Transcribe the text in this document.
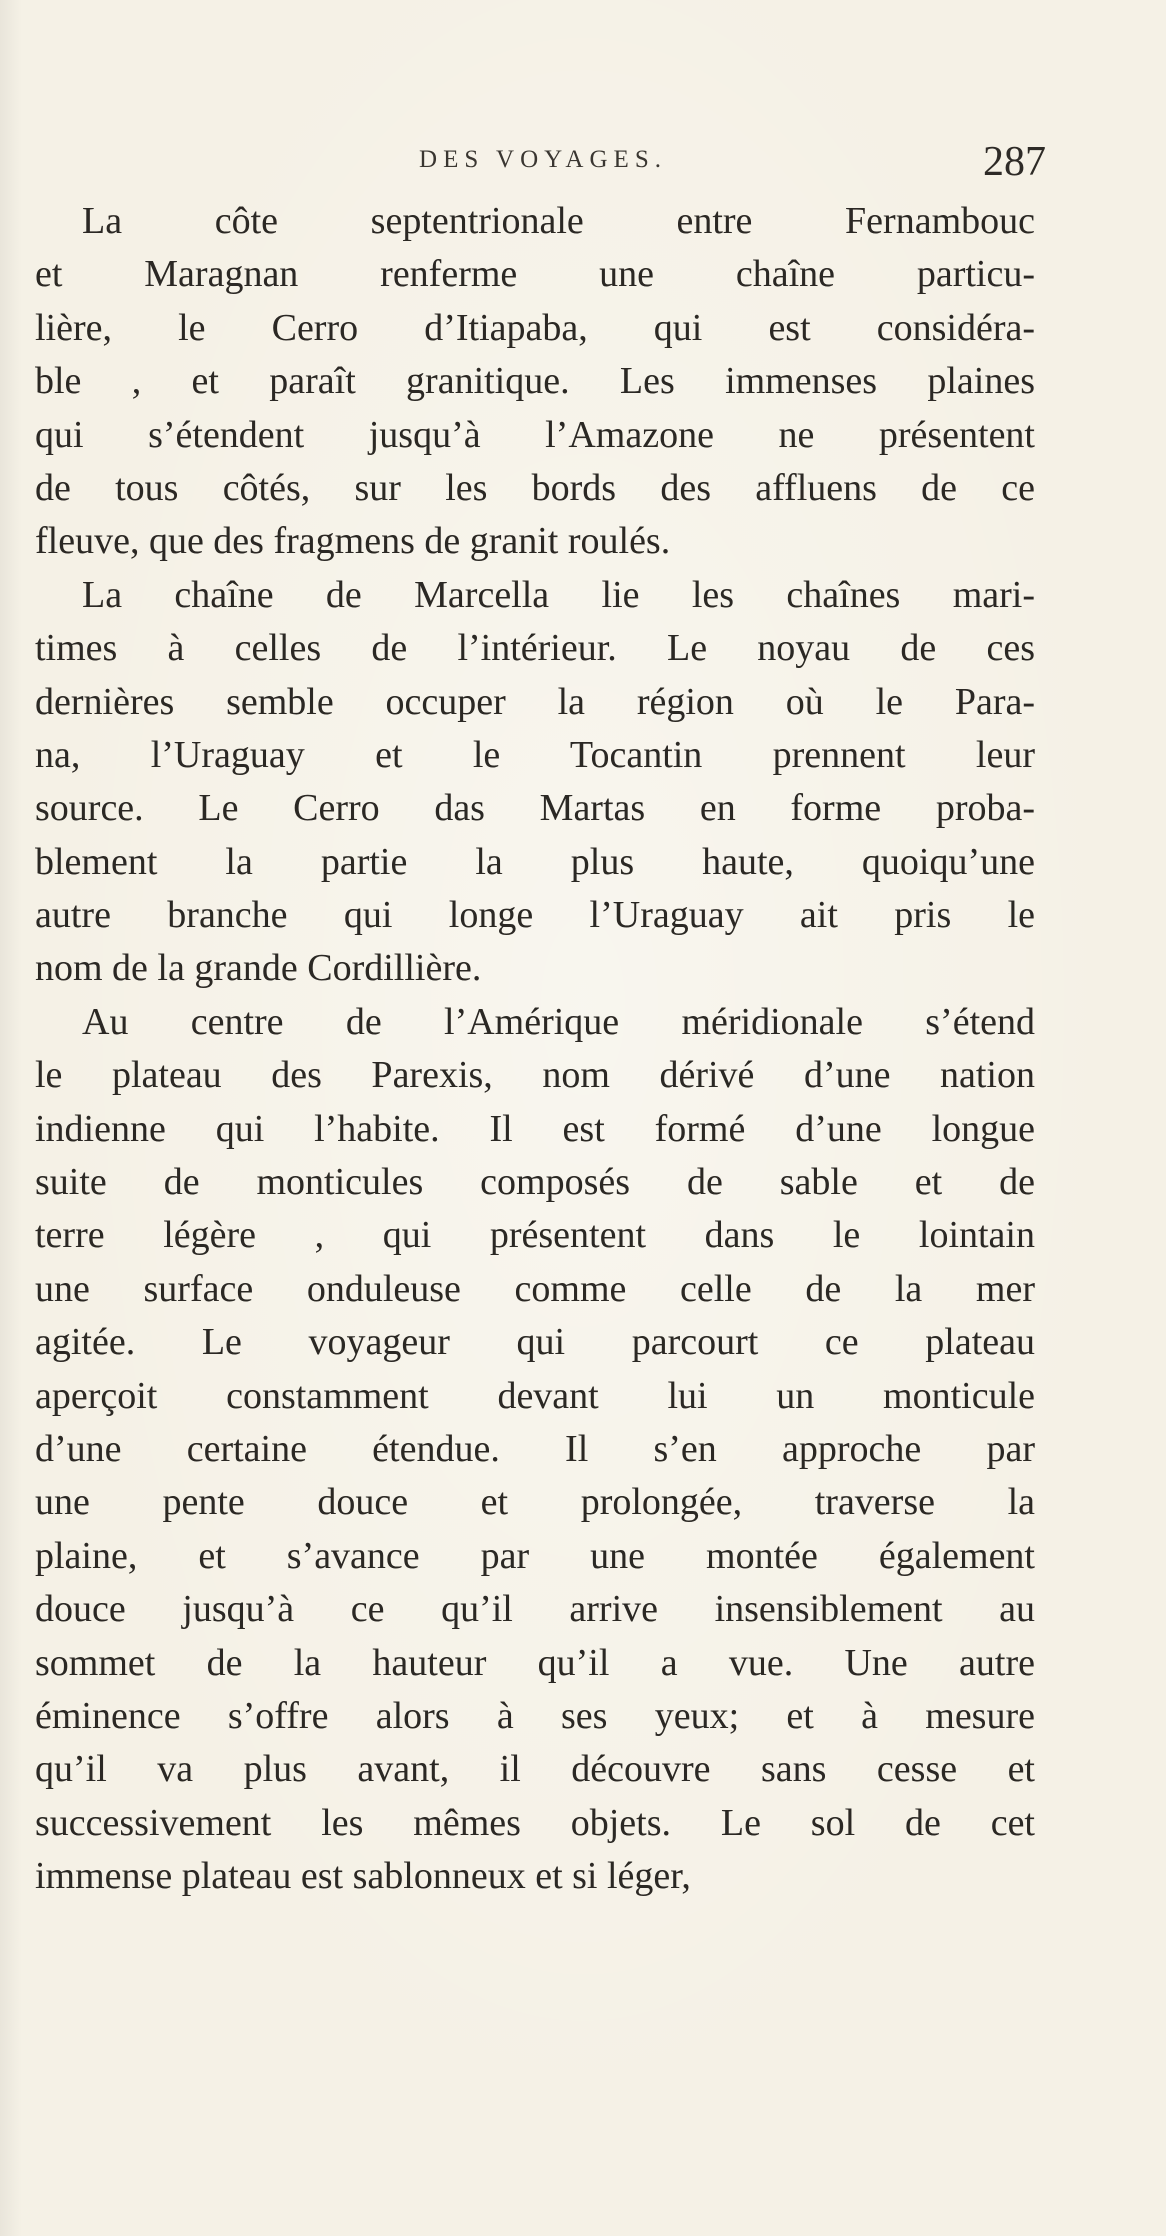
DES VOYAGES.	287
La côte septentrionale entre Fernambouc
et Maragnan renferme une chaîne particu-
lière, le Cerro d’Itiapaba, qui est considéra-
ble , et paraît granitique. Les immenses plaines
qui s’étendent jusqu’à l’Amazone ne présentent
de tous côtés, sur les bords des affluens de ce
fleuve, que des fragmens de granit roulés.
La chaîne de Marcella lie les chaînes mari-
times à celles de l’intérieur. Le noyau de ces
dernières semble occuper la région où le Para-
na, l’Uraguay et le Tocantin prennent leur
source. Le Cerro das Martas en forme proba-
blement la partie la plus haute, quoiqu’une
autre branche qui longe l’Uraguay ait pris le
nom de la grande Cordillière.
Au centre de l’Amérique méridionale s’étend
le plateau des Parexis, nom dérivé d’une nation
indienne qui l’habite. Il est formé d’une longue
suite de monticules composés de sable et de
terre légère , qui présentent dans le lointain
une surface onduleuse comme celle de la mer
agitée. Le voyageur qui parcourt ce plateau
aperçoit constamment devant lui un monticule
d’une certaine étendue. Il s’en approche par
une pente douce et prolongée, traverse la
plaine, et s’avance par une montée également
douce jusqu’à ce qu’il arrive insensiblement au
sommet de la hauteur qu’il a vue. Une autre
éminence s’offre alors à ses yeux; et à mesure
qu’il va plus avant, il découvre sans cesse et
successivement les mêmes objets. Le sol de cet
immense plateau est sablonneux et si léger,
